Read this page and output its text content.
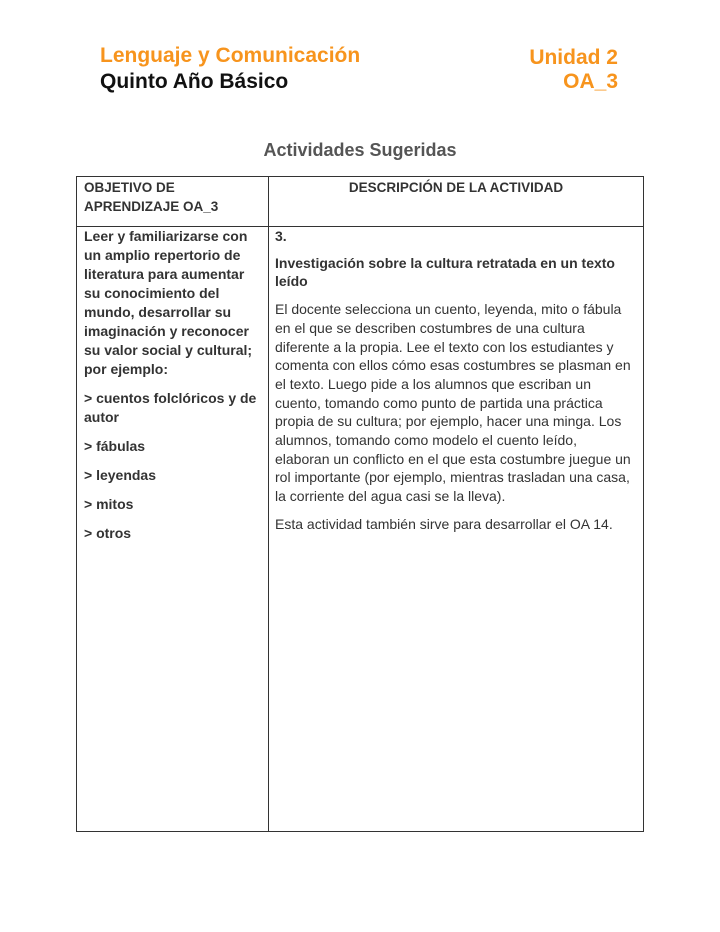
Lenguaje y Comunicación
Quinto Año Básico
Unidad 2
OA_3
Actividades Sugeridas
OBJETIVO DE
APRENDIZAJE OA_3
DESCRIPCIÓN DE LA ACTIVIDAD

Leer y familiarizarse con
un amplio repertorio de
literatura para aumentar
su conocimiento del
mundo, desarrollar su
imaginación y reconocer
su valor social y cultural;
por ejemplo:

> cuentos folclóricos y de
autor

> fábulas

> leyendas

> mitos

> otros

3.
Investigación sobre la cultura retratada en un texto
leído
El docente selecciona un cuento, leyenda, mito o fábula
en el que se describen costumbres de una cultura
diferente a la propia. Lee el texto con los estudiantes y
comenta con ellos cómo esas costumbres se plasman en
el texto. Luego pide a los alumnos que escriban un
cuento, tomando como punto de partida una práctica
propia de su cultura; por ejemplo, hacer una minga. Los
alumnos, tomando como modelo el cuento leído,
elaboran un conflicto en el que esta costumbre juegue un
rol importante (por ejemplo, mientras trasladan una casa,
la corriente del agua casi se la lleva).
Esta actividad también sirve para desarrollar el OA 14.
